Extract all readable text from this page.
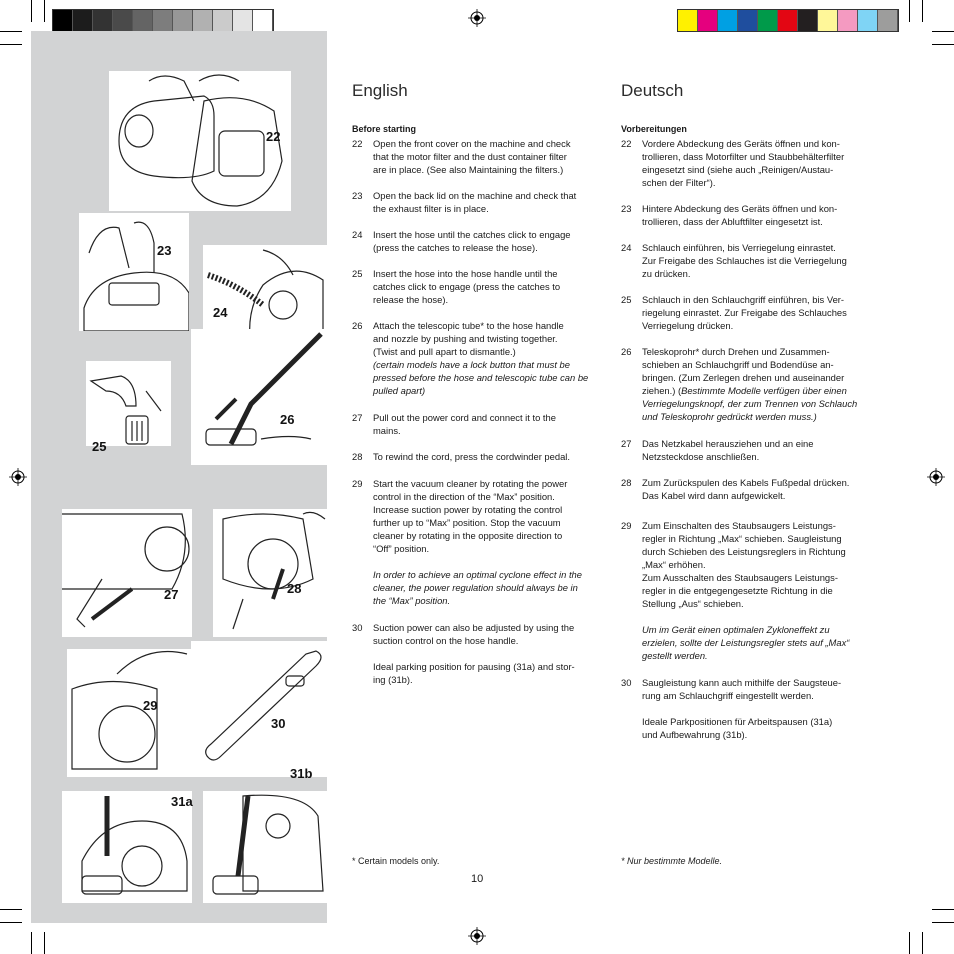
22
23
24
25
26
27	28
29
30
31a
31b
English
Before starting
22 Open the front cover on the machine and check
that the motor filter and the dust container filter
are in place. (See also Maintaining the filters.)
23 Open the back lid on the machine and check that
the exhaust filter is in place.
24 Insert the hose until the catches click to engage
(press the catches to release the hose).
25 Insert the hose into the hose handle until the
catches click to engage (press the catches to
release the hose).
26 Attach the telescopic tube* to the hose handle
and nozzle by pushing and twisting together.
(Twist and pull apart to dismantle.)
(certain models have a lock button that must be
pressed before the hose and telescopic tube can be
pulled apart)
27 Pull out the power cord and connect it to the
mains.
28 To rewind the cord, press the cordwinder pedal.
29 Start the vacuum cleaner by rotating the power
control in the direction of the “Max” position.
Increase suction power by rotating the control
further up to “Max” position. Stop the vacuum
cleaner by rotating in the opposite direction to
“Off” position.
In order to achieve an optimal cyclone effect in the
cleaner, the power regulation should always be in
the “Max” position.
30 Suction power can also be adjusted by using the
suction control on the hose handle.
Ideal parking position for pausing (31a) and stor-
ing (31b).
* Certain models only.
Deutsch
Vorbereitungen
22 Vordere Abdeckung des Geräts öffnen und kon-
trollieren, dass Motorfilter und Staubbehälterfilter
eingesetzt sind (siehe auch „Reinigen/Austau-
schen der Filter“).
23 Hintere Abdeckung des Geräts öffnen und kon-
trollieren, dass der Abluftfilter eingesetzt ist.
24 Schlauch einführen, bis Verriegelung einrastet.
Zur Freigabe des Schlauches ist die Verriegelung
zu drücken.
25 Schlauch in den Schlauchgriff einführen, bis Ver-
riegelung einrastet. Zur Freigabe des Schlauches
Verriegelung drücken.
26 Teleskoprohr* durch Drehen und Zusammen-
schieben an Schlauchgriff und Bodendüse an-
bringen. (Zum Zerlegen drehen und auseinander
ziehen.) (Bestimmte Modelle verfügen über einen
Verriegelungsknopf, der zum Trennen von Schlauch
und Teleskoprohr gedrückt werden muss.)
27 Das Netzkabel herausziehen und an eine
Netzsteckdose anschließen.
28 Zum Zurückspulen des Kabels Fußpedal drücken.
Das Kabel wird dann aufgewickelt.
29 Zum Einschalten des Staubsaugers Leistungs-
regler in Richtung „Max“ schieben. Saugleistung
durch Schieben des Leistungsreglers in Richtung
„Max“ erhöhen.
Zum Ausschalten des Staubsaugers Leistungs-
regler in die entgegengesetzte Richtung in die
Stellung „Aus“ schieben.
Um im Gerät einen optimalen Zykloneffekt zu
erzielen, sollte der Leistungsregler stets auf „Max“
gestellt werden.
30 Saugleistung kann auch mithilfe der Saugsteue-
rung am Schlauchgriff eingestellt werden.
Ideale Parkpositionen für Arbeitspausen (31a)
und Aufbewahrung (31b).
* Nur bestimmte Modelle.
10
